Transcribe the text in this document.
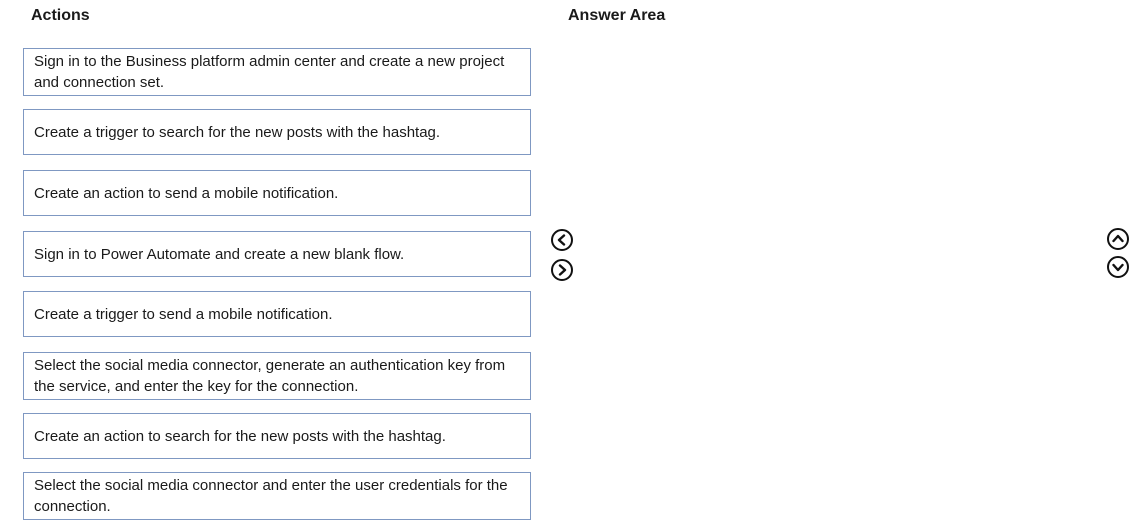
Actions	Answer Area
Sign in to the Business platform admin center and create a new project and connection set.
Create a trigger to search for the new posts with the hashtag.
Create an action to send a mobile notification.
Sign in to Power Automate and create a new blank flow.
Create a trigger to send a mobile notification.
Select the social media connector, generate an authentication key from the service, and enter the key for the connection.
Create an action to search for the new posts with the hashtag.
Select the social media connector and enter the user credentials for the connection.
